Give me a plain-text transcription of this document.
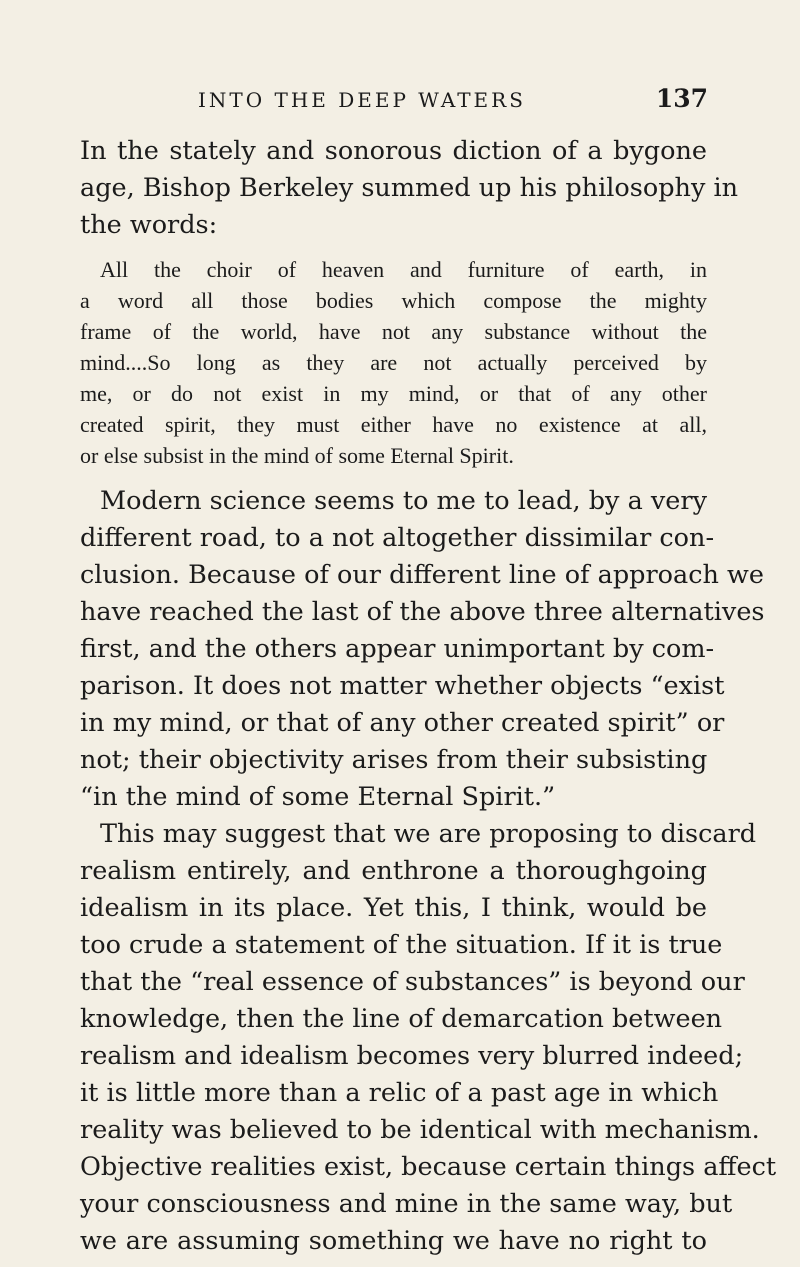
INTO THE DEEP WATERS	137
In the stately and sonorous diction of a bygone
age, Bishop Berkeley summed up his philosophy in
the words:
All the choir of heaven and furniture of earth, in
a word all those bodies which compose the mighty
frame of the world, have not any substance without the
mind....So long as they are not actually perceived by
me, or do not exist in my mind, or that of any other
created spirit, they must either have no existence at all,
or else subsist in the mind of some Eternal Spirit.
Modern science seems to me to lead, by a very
different road, to a not altogether dissimilar con-
clusion. Because of our different line of approach we
have reached the last of the above three alternatives
first, and the others appear unimportant by com-
parison. It does not matter whether objects “exist
in my mind, or that of any other created spirit” or
not; their objectivity arises from their subsisting
“in the mind of some Eternal Spirit.”
This may suggest that we are proposing to discard
realism entirely, and enthrone a thoroughgoing
idealism in its place. Yet this, I think, would be
too crude a statement of the situation. If it is true
that the “real essence of substances” is beyond our
knowledge, then the line of demarcation between
realism and idealism becomes very blurred indeed;
it is little more than a relic of a past age in which
reality was believed to be identical with mechanism.
Objective realities exist, because certain things affect
your consciousness and mine in the same way, but
we are assuming something we have no right to
